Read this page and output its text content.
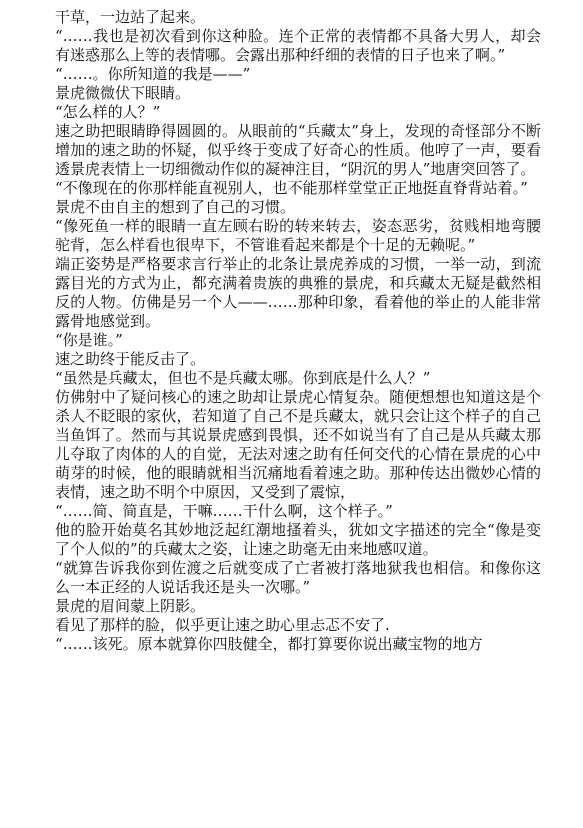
干草，一边站了起来。

“……我也是初次看到你这种脸。连个正常的表情都不具备大男人，却会有迷惑那么上等的表情哪。会露出那种纤细的表情的日子也来了啊。”

“……。你所知道的我是——”

景虎微微伏下眼睛。

“怎么样的人？”

速之助把眼睛睁得圆圆的。从眼前的“兵藏太”身上，发现的奇怪部分不断增加的速之助的怀疑，似乎终于变成了好奇心的性质。他哼了一声，要看透景虎表情上一切细微动作似的凝神注目，“阴沉的男人”地唐突回答了。

“不像现在的你那样能直视别人，也不能那样堂堂正正地挺直脊背站着。”

景虎不由自主的想到了自己的习惯。

“像死鱼一样的眼睛一直左顾右盼的转来转去，姿态恶劣，贫贱相地弯腰驼背，怎么样看也很卑下，不管谁看起来都是个十足的无赖呢。”

端正姿势是严格要求言行举止的北条让景虎养成的习惯，一举一动，到流露目光的方式为止，都充满着贵族的典雅的景虎，和兵藏太无疑是截然相反的人物。仿佛是另一个人——……那种印象，看着他的举止的人能非常露骨地感觉到。

“你是谁。”

速之助终于能反击了。

“虽然是兵藏太，但也不是兵藏太哪。你到底是什么人？”

仿佛射中了疑问核心的速之助却让景虎心情复杂。随便想想也知道这是个杀人不眨眼的家伙，若知道了自己不是兵藏太，就只会让这个样子的自己当鱼饵了。然而与其说景虎感到畏惧，还不如说当有了自己是从兵藏太那儿夺取了肉体的人的自觉，无法对速之助有任何交代的心情在景虎的心中萌芽的时候，他的眼睛就相当沉痛地看着速之助。那种传达出微妙心情的表情，速之助不明个中原因，又受到了震惊，

“……简、简直是，干嘛……干什么啊，这个样子。”

他的脸开始莫名其妙地泛起红潮地搔着头，犹如文字描述的完全“像是变了个人似的”的兵藏太之姿，让速之助毫无由来地感叹道。

“就算告诉我你到佐渡之后就变成了亡者被打落地狱我也相信。和像你这么一本正经的人说话我还是头一次哪。”

景虎的眉间蒙上阴影。

看见了那样的脸，似乎更让速之助心里忐忑不安了.

“……该死。原本就算你四肢健全，都打算要你说出藏宝物的地方
